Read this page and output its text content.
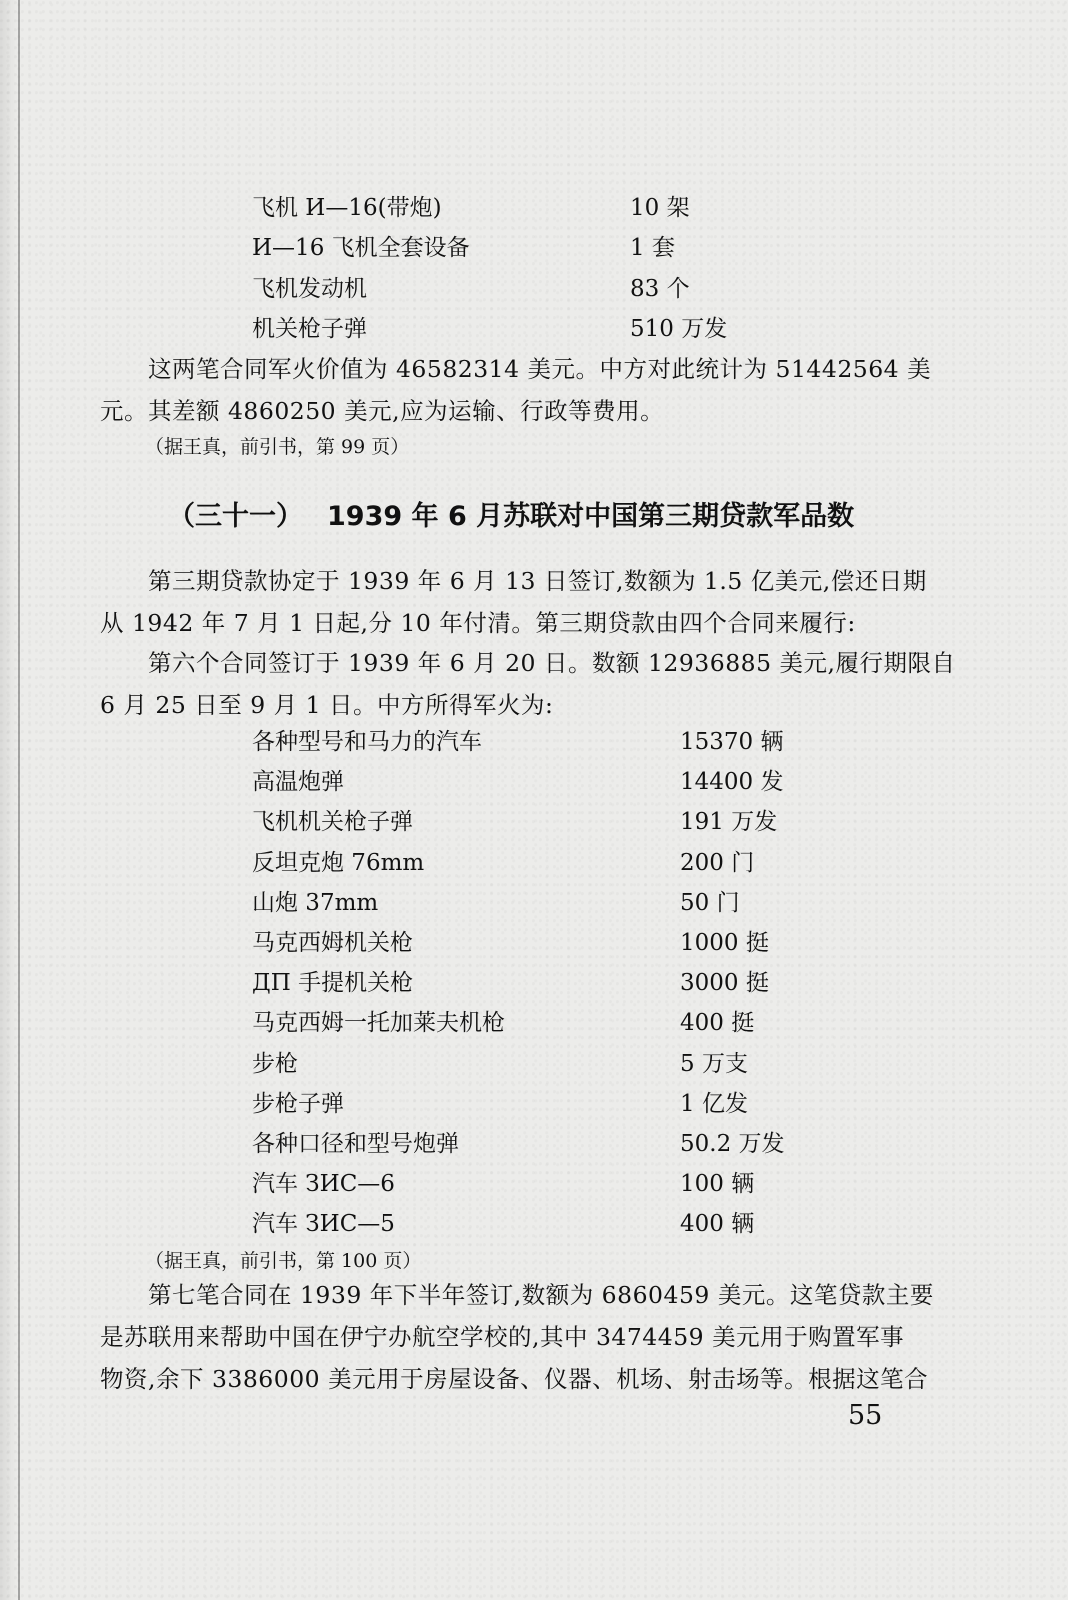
飞机 И—16(带炮)	10 架
И—16 飞机全套设备	1 套
飞机发动机	83 个
机关枪子弹	510 万发

　　这两笔合同军火价值为 46582314 美元。中方对此统计为 51442564 美
元。其差额 4860250 美元,应为运输、行政等费用。

（据王真，前引书，第 99 页）
（三十一） 1939 年 6 月苏联对中国第三期贷款军品数

　　第三期贷款协定于 1939 年 6 月 13 日签订,数额为 1.5 亿美元,偿还日期
从 1942 年 7 月 1 日起,分 10 年付清。第三期贷款由四个合同来履行:

　　第六个合同签订于 1939 年 6 月 20 日。数额 12936885 美元,履行期限自
6 月 25 日至 9 月 1 日。中方所得军火为:

各种型号和马力的汽车	15370 辆
高温炮弹	14400 发
飞机机关枪子弹	191 万发
反坦克炮 76mm	200 门
山炮 37mm	50 门
马克西姆机关枪	1000 挺
ДП 手提机关枪	3000 挺
马克西姆一托加莱夫机枪	400 挺
步枪	5 万支
步枪子弹	1 亿发
各种口径和型号炮弹	50.2 万发
汽车 ЗИС—6	100 辆
汽车 ЗИС—5	400 辆
（据王真，前引书，第 100 页）

　　第七笔合同在 1939 年下半年签订,数额为 6860459 美元。这笔贷款主要
是苏联用来帮助中国在伊宁办航空学校的,其中 3474459 美元用于购置军事
物资,余下 3386000 美元用于房屋设备、仪器、机场、射击场等。根据这笔合

55
